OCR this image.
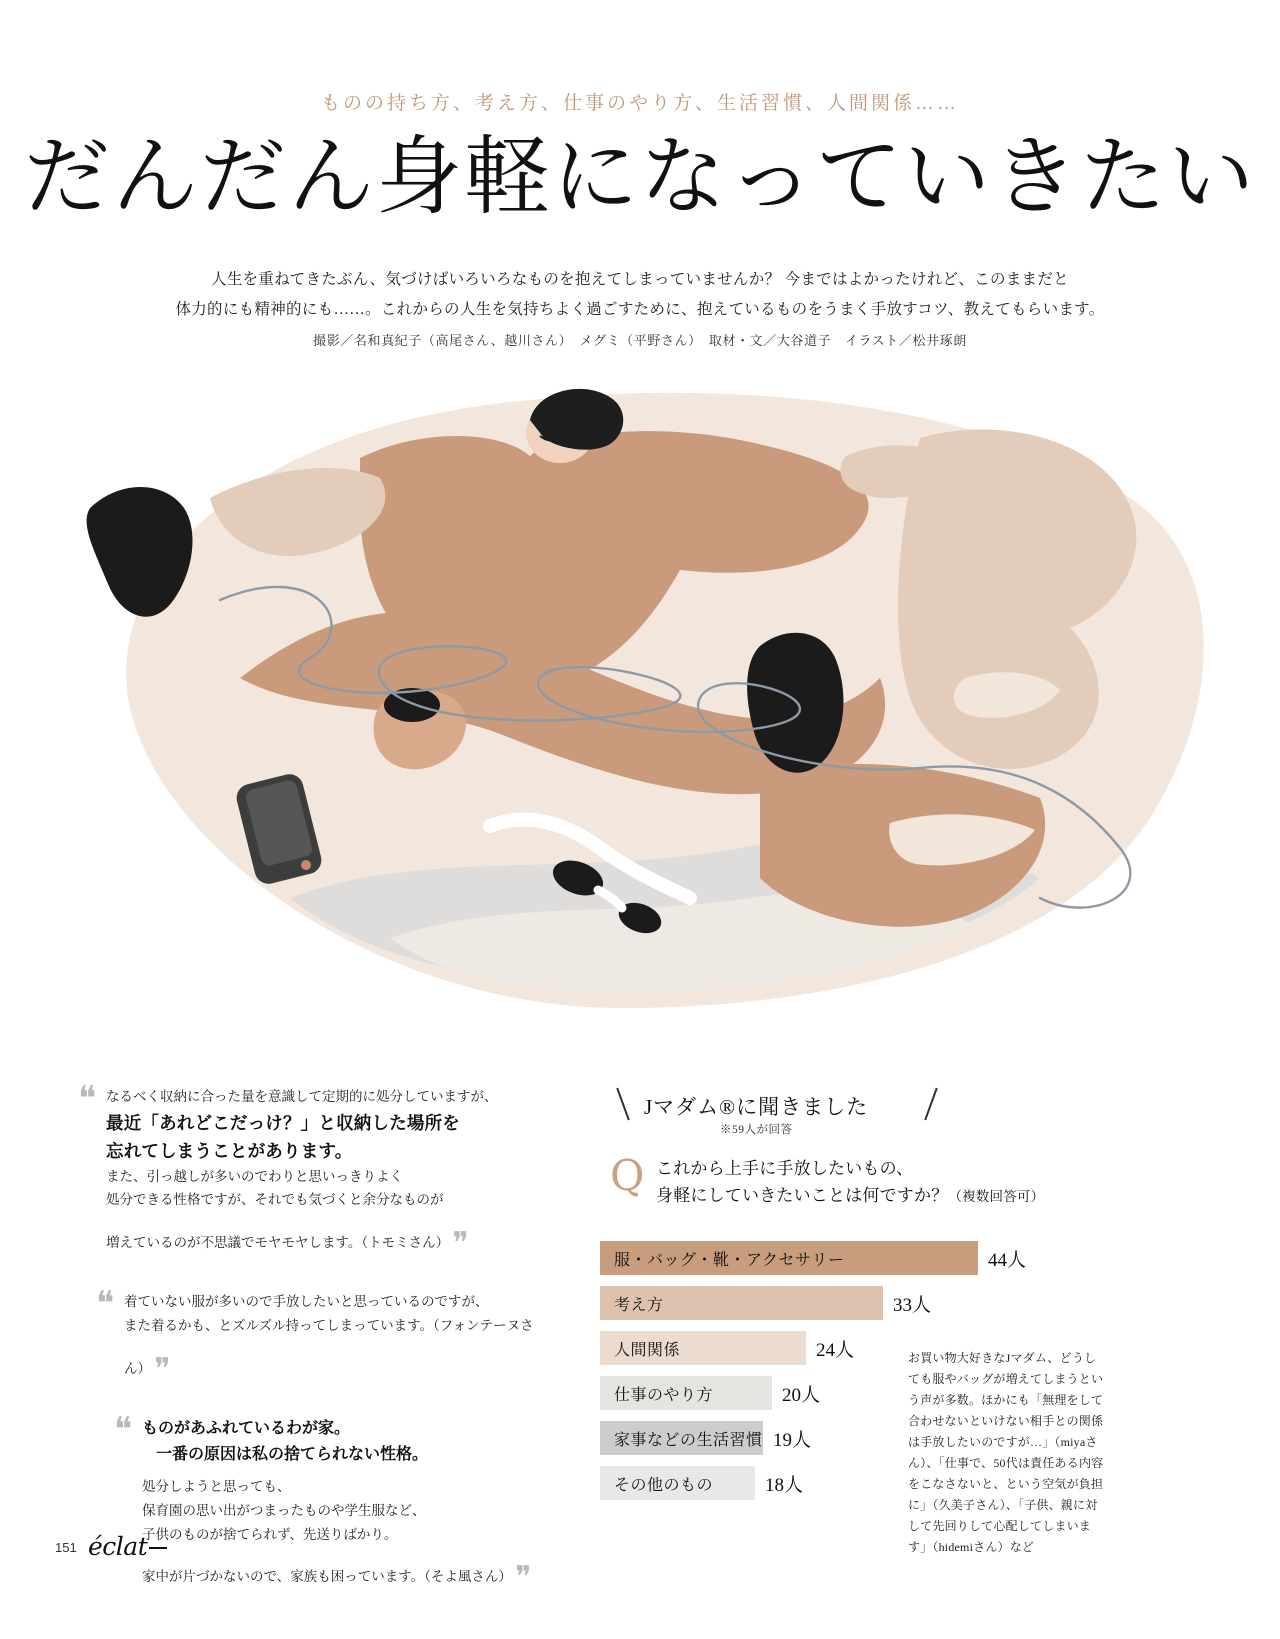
ものの持ち方、考え方、仕事のやり方、生活習慣、人間関係……
だんだん身軽になっていきたい
人生を重ねてきたぶん、気づけばいろいろなものを抱えてしまっていませんか？ 今まではよかったけれど、このままだと
体力的にも精神的にも……。これからの人生を気持ちよく過ごすために、抱えているものをうまく手放すコツ、教えてもらいます。
撮影／名和真紀子（高尾さん、越川さん）　メグミ（平野さん）　取材・文／大谷道子　イラスト／松井琢朗
❝ なるべく収納に合った量を意識して定期的に処分していますが、
最近「あれどこだっけ？」と収納した場所を
忘れてしまうことがあります。
また、引っ越しが多いのでわりと思いっきりよく
処分できる性格ですが、それでも気づくと余分なものが
増えているのが不思議でモヤモヤします。（トモミさん） ❞
❝ 着ていない服が多いので手放したいと思っているのですが、
また着るかも、とズルズル持ってしまっています。（フォンテーヌさん） ❞
❝ ものがあふれているわが家。
一番の原因は私の捨てられない性格。
処分しようと思っても、
保育園の思い出がつまったものや学生服など、
子供のものが捨てられず、先送りばかり。
家中が片づかないので、家族も困っています。（そよ風さん） ❞
Jマダム®に聞きました
※59人が回答
Q これから上手に手放したいもの、
身軽にしていきたいことは何ですか？（複数回答可）
服・バッグ・靴・アクセサリー	44人
考え方	33人
人間関係	24人
仕事のやり方	20人
家事などの生活習慣 19人
その他のもの	18人
お買い物大好きなJマダム、どうしても服やバッグが増えてしまうという声が多数。ほかにも「無理をして合わせないといけない相手との関係は手放したいのですが…」（miyaさん）、「仕事で、50代は責任ある内容をこなさないと、という空気が負担に」（久美子さん）、「子供、親に対して先回りして心配してしまいます」（hidemiさん）など
151 éclat
